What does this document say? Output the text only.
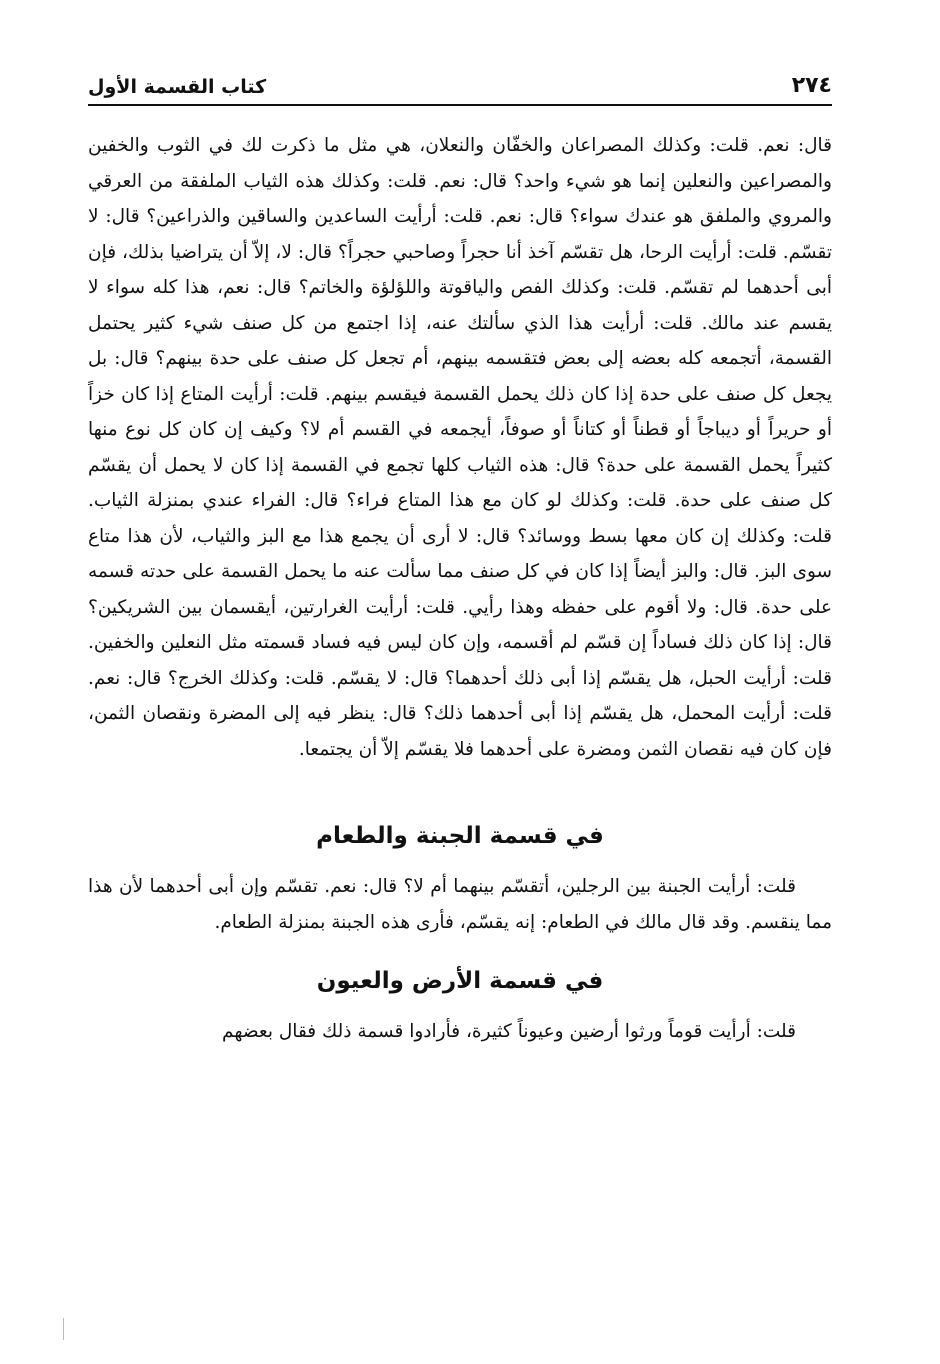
٢٧٤
كتاب القسمة الأول

قال: نعم. قلت: وكذلك المصراعان والخفّان والنعلان، هي مثل ما ذكرت لك في الثوب والخفين والمصراعين والنعلين إنما هو شيء واحد؟ قال: نعم. قلت: وكذلك هذه الثياب الملفقة من العرقي والمروي والملفق هو عندك سواء؟ قال: نعم. قلت: أرأيت الساعدين والساقين والذراعين؟ قال: لا تقسّم. قلت: أرأيت الرحا، هل تقسّم آخذ أنا حجراً وصاحبي حجراً؟ قال: لا، إلاّ أن يتراضيا بذلك، فإن أبى أحدهما لم تقسّم. قلت: وكذلك الفص والياقوتة واللؤلؤة والخاتم؟ قال: نعم، هذا كله سواء لا يقسم عند مالك. قلت: أرأيت هذا الذي سألتك عنه، إذا اجتمع من كل صنف شيء كثير يحتمل القسمة، أتجمعه كله بعضه إلى بعض فتقسمه بينهم، أم تجعل كل صنف على حدة بينهم؟ قال: بل يجعل كل صنف على حدة إذا كان ذلك يحمل القسمة فيقسم بينهم. قلت: أرأيت المتاع إذا كان خزاً أو حريراً أو ديباجاً أو قطناً أو كتاناً أو صوفاً، أيجمعه في القسم أم لا؟ وكيف إن كان كل نوع منها كثيراً يحمل القسمة على حدة؟ قال: هذه الثياب كلها تجمع في القسمة إذا كان لا يحمل أن يقسّم كل صنف على حدة. قلت: وكذلك لو كان مع هذا المتاع فراء؟ قال: الفراء عندي بمنزلة الثياب. قلت: وكذلك إن كان معها بسط ووسائد؟ قال: لا أرى أن يجمع هذا مع البز والثياب، لأن هذا متاع سوى البز. قال: والبز أيضاً إذا كان في كل صنف مما سألت عنه ما يحمل القسمة على حدته قسمه على حدة. قال: ولا أقوم على حفظه وهذا رأيي. قلت: أرأيت الغرارتين، أيقسمان بين الشريكين؟ قال: إذا كان ذلك فساداً إن قسّم لم أقسمه، وإن كان ليس فيه فساد قسمته مثل النعلين والخفين. قلت: أرأيت الحبل، هل يقسّم إذا أبى ذلك أحدهما؟ قال: لا يقسّم. قلت: وكذلك الخرج؟ قال: نعم. قلت: أرأيت المحمل، هل يقسّم إذا أبى أحدهما ذلك؟ قال: ينظر فيه إلى المضرة ونقصان الثمن، فإن كان فيه نقصان الثمن ومضرة على أحدهما فلا يقسّم إلاّ أن يجتمعا.

في قسمة الجبنة والطعام

قلت: أرأيت الجبنة بين الرجلين، أتقسّم بينهما أم لا؟ قال: نعم. تقسّم وإن أبى أحدهما لأن هذا مما ينقسم. وقد قال مالك في الطعام: إنه يقسّم، فأرى هذه الجبنة بمنزلة الطعام.

في قسمة الأرض والعيون

قلت: أرأيت قوماً ورثوا أرضين وعيوناً كثيرة، فأرادوا قسمة ذلك فقال بعضهم
